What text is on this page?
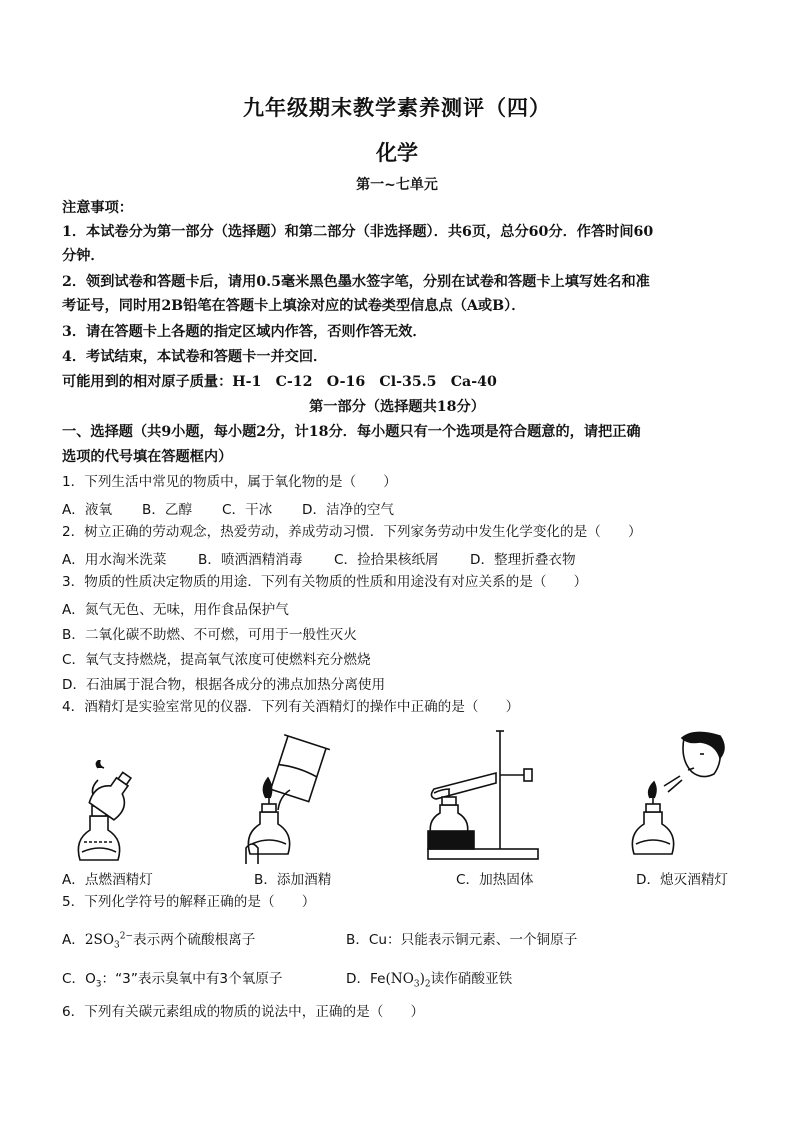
九年级期末教学素养测评（四）
化学
第一~七单元
注意事项：
1．本试卷分为第一部分（选择题）和第二部分（非选择题）．共6页，总分60分．作答时间60
分钟．
2．领到试卷和答题卡后，请用0.5毫米黑色墨水签字笔，分别在试卷和答题卡上填写姓名和准
考证号，同时用2B铅笔在答题卡上填涂对应的试卷类型信息点（A或B）．
3．请在答题卡上各题的指定区域内作答，否则作答无效．
4．考试结束，本试卷和答题卡一并交回．
可能用到的相对原子质量：H-1　C-12　O-16　Cl-35.5　Ca-40
第一部分（选择题共18分）
一、选择题（共9小题，每小题2分，计18分．每小题只有一个选项是符合题意的，请把正确
选项的代号填在答题框内）
1．下列生活中常见的物质中，属于氧化物的是（　　）
A．液氧 B．乙醇 C．干冰 D．洁净的空气
2．树立正确的劳动观念，热爱劳动，养成劳动习惯．下列家务劳动中发生化学变化的是（　　）
A．用水淘米洗菜 B．喷洒酒精消毒 C．捡拾果核纸屑 D．整理折叠衣物
3．物质的性质决定物质的用途．下列有关物质的性质和用途没有对应关系的是（　　）
A．氮气无色、无味，用作食品保护气
B．二氧化碳不助燃、不可燃，可用于一般性灭火
C．氧气支持燃烧，提高氧气浓度可使燃料充分燃烧
D．石油属于混合物，根据各成分的沸点加热分离使用
4．酒精灯是实验室常见的仪器．下列有关酒精灯的操作中正确的是（　　）
A．点燃酒精灯	B．添加酒精	C．加热固体	D．熄灭酒精灯
5．下列化学符号的解释正确的是（　　）
A．$2SO_3^{2-}$表示两个硫酸根离子	B．Cu：只能表示铜元素、一个铜原子
C．$O_3$：“3”表示臭氧中有3个氧原子	D．$Fe(NO_3)_2$读作硝酸亚铁
6．下列有关碳元素组成的物质的说法中，正确的是（　　）
